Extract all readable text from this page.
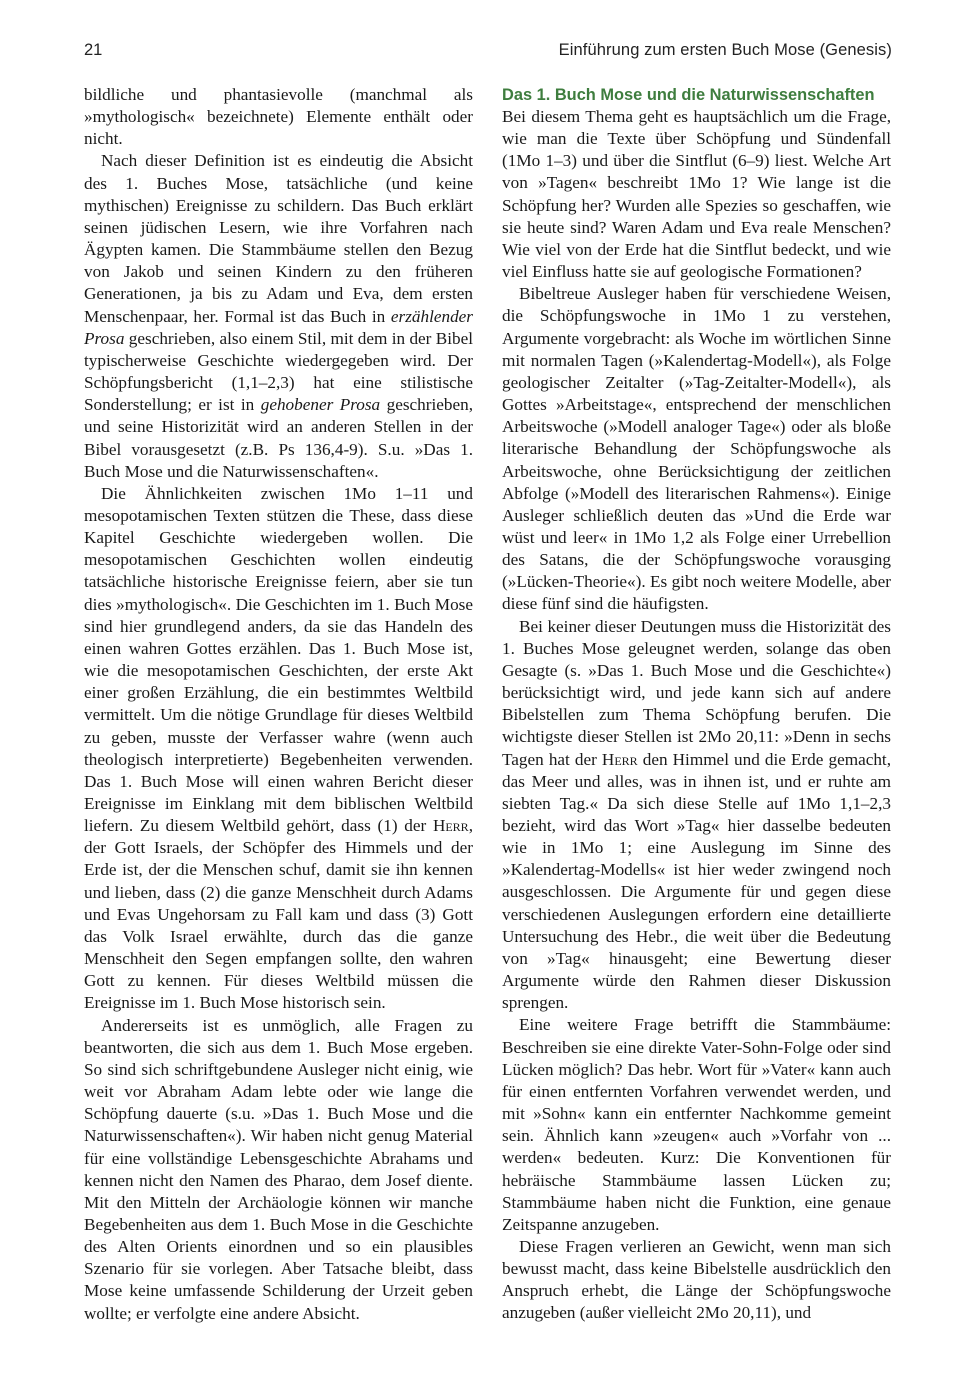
21	Einführung zum ersten Buch Mose (Genesis)

bildliche und phantasievolle (manchmal als »mythologisch« bezeichnete) Elemente enthält oder nicht.

Nach dieser Definition ist es eindeutig die Absicht des 1. Buches Mose, tatsächliche (und keine mythischen) Ereignisse zu schildern. Das Buch erklärt seinen jüdischen Lesern, wie ihre Vorfahren nach Ägypten kamen. Die Stammbäume stellen den Bezug von Jakob und seinen Kindern zu den früheren Generationen, ja bis zu Adam und Eva, dem ersten Menschenpaar, her. Formal ist das Buch in erzählender Prosa geschrieben, also einem Stil, mit dem in der Bibel typischerweise Geschichte wiedergegeben wird. Der Schöpfungsbericht (1,1–2,3) hat eine stilistische Sonderstellung; er ist in gehobener Prosa geschrieben, und seine Historizität wird an anderen Stellen in der Bibel vorausgesetzt (z.B. Ps 136,4-9). S.u. »Das 1. Buch Mose und die Naturwissenschaften«.

Die Ähnlichkeiten zwischen 1Mo 1–11 und mesopotamischen Texten stützen die These, dass diese Kapitel Geschichte wiedergeben wollen. Die mesopotamischen Geschichten wollen eindeutig tatsächliche historische Ereignisse feiern, aber sie tun dies »mythologisch«. Die Geschichten im 1. Buch Mose sind hier grundlegend anders, da sie das Handeln des einen wahren Gottes erzählen. Das 1. Buch Mose ist, wie die mesopotamischen Geschichten, der erste Akt einer großen Erzählung, die ein bestimmtes Weltbild vermittelt. Um die nötige Grundlage für dieses Weltbild zu geben, musste der Verfasser wahre (wenn auch theologisch interpretierte) Begebenheiten verwenden. Das 1. Buch Mose will einen wahren Bericht dieser Ereignisse im Einklang mit dem biblischen Weltbild liefern. Zu diesem Weltbild gehört, dass (1) der Herr, der Gott Israels, der Schöpfer des Himmels und der Erde ist, der die Menschen schuf, damit sie ihn kennen und lieben, dass (2) die ganze Menschheit durch Adams und Evas Ungehorsam zu Fall kam und dass (3) Gott das Volk Israel erwählte, durch das die ganze Menschheit den Segen empfangen sollte, den wahren Gott zu kennen. Für dieses Weltbild müssen die Ereignisse im 1. Buch Mose historisch sein.

Andererseits ist es unmöglich, alle Fragen zu beantworten, die sich aus dem 1. Buch Mose ergeben. So sind sich schriftgebundene Ausleger nicht einig, wie weit vor Abraham Adam lebte oder wie lange die Schöpfung dauerte (s.u. »Das 1. Buch Mose und die Naturwissenschaften«). Wir haben nicht genug Material für eine vollständige Lebensgeschichte Abrahams und kennen nicht den Namen des Pharao, dem Josef diente. Mit den Mitteln der Archäologie können wir manche Begebenheiten aus dem 1. Buch Mose in die Geschichte des Alten Orients einordnen und so ein plausibles Szenario für sie vorlegen. Aber Tatsache bleibt, dass Mose keine umfassende Schilderung der Urzeit geben wollte; er verfolgte eine andere Absicht.

Das 1. Buch Mose und die Naturwissenschaften

Bei diesem Thema geht es hauptsächlich um die Frage, wie man die Texte über Schöpfung und Sündenfall (1Mo 1–3) und über die Sintflut (6–9) liest. Welche Art von »Tagen« beschreibt 1Mo 1? Wie lange ist die Schöpfung her? Wurden alle Spezies so geschaffen, wie sie heute sind? Waren Adam und Eva reale Menschen? Wie viel von der Erde hat die Sintflut bedeckt, und wie viel Einfluss hatte sie auf geologische Formationen?

Bibeltreue Ausleger haben für verschiedene Weisen, die Schöpfungswoche in 1Mo 1 zu verstehen, Argumente vorgebracht: als Woche im wörtlichen Sinne mit normalen Tagen (»Kalendertag-Modell«), als Folge geologischer Zeitalter (»Tag-Zeitalter-Modell«), als Gottes »Arbeitstage«, entsprechend der menschlichen Arbeitswoche (»Modell analoger Tage«) oder als bloße literarische Behandlung der Schöpfungswoche als Arbeitswoche, ohne Berücksichtigung der zeitlichen Abfolge (»Modell des literarischen Rahmens«). Einige Ausleger schließlich deuten das »Und die Erde war wüst und leer« in 1Mo 1,2 als Folge einer Urrebellion des Satans, die der Schöpfungswoche vorausging (»Lücken-Theorie«). Es gibt noch weitere Modelle, aber diese fünf sind die häufigsten.

Bei keiner dieser Deutungen muss die Historizität des 1. Buches Mose geleugnet werden, solange das oben Gesagte (s. »Das 1. Buch Mose und die Geschichte«) berücksichtigt wird, und jede kann sich auf andere Bibelstellen zum Thema Schöpfung berufen. Die wichtigste dieser Stellen ist 2Mo 20,11: »Denn in sechs Tagen hat der Herr den Himmel und die Erde gemacht, das Meer und alles, was in ihnen ist, und er ruhte am siebten Tag.« Da sich diese Stelle auf 1Mo 1,1–2,3 bezieht, wird das Wort »Tag« hier dasselbe bedeuten wie in 1Mo 1; eine Auslegung im Sinne des »Kalendertag-Modells« ist hier weder zwingend noch ausgeschlossen. Die Argumente für und gegen diese verschiedenen Auslegungen erfordern eine detaillierte Untersuchung des Hebr., die weit über die Bedeutung von »Tag« hinausgeht; eine Bewertung dieser Argumente würde den Rahmen dieser Diskussion sprengen.

Eine weitere Frage betrifft die Stammbäume: Beschreiben sie eine direkte Vater-Sohn-Folge oder sind Lücken möglich? Das hebr. Wort für »Vater« kann auch für einen entfernten Vorfahren verwendet werden, und mit »Sohn« kann ein entfernter Nachkomme gemeint sein. Ähnlich kann »zeugen« auch »Vorfahr von ... werden« bedeuten. Kurz: Die Konventionen für hebräische Stammbäume lassen Lücken zu; Stammbäume haben nicht die Funktion, eine genaue Zeitspanne anzugeben.

Diese Fragen verlieren an Gewicht, wenn man sich bewusst macht, dass keine Bibelstelle ausdrücklich den Anspruch erhebt, die Länge der Schöpfungswoche anzugeben (außer vielleicht 2Mo 20,11), und
